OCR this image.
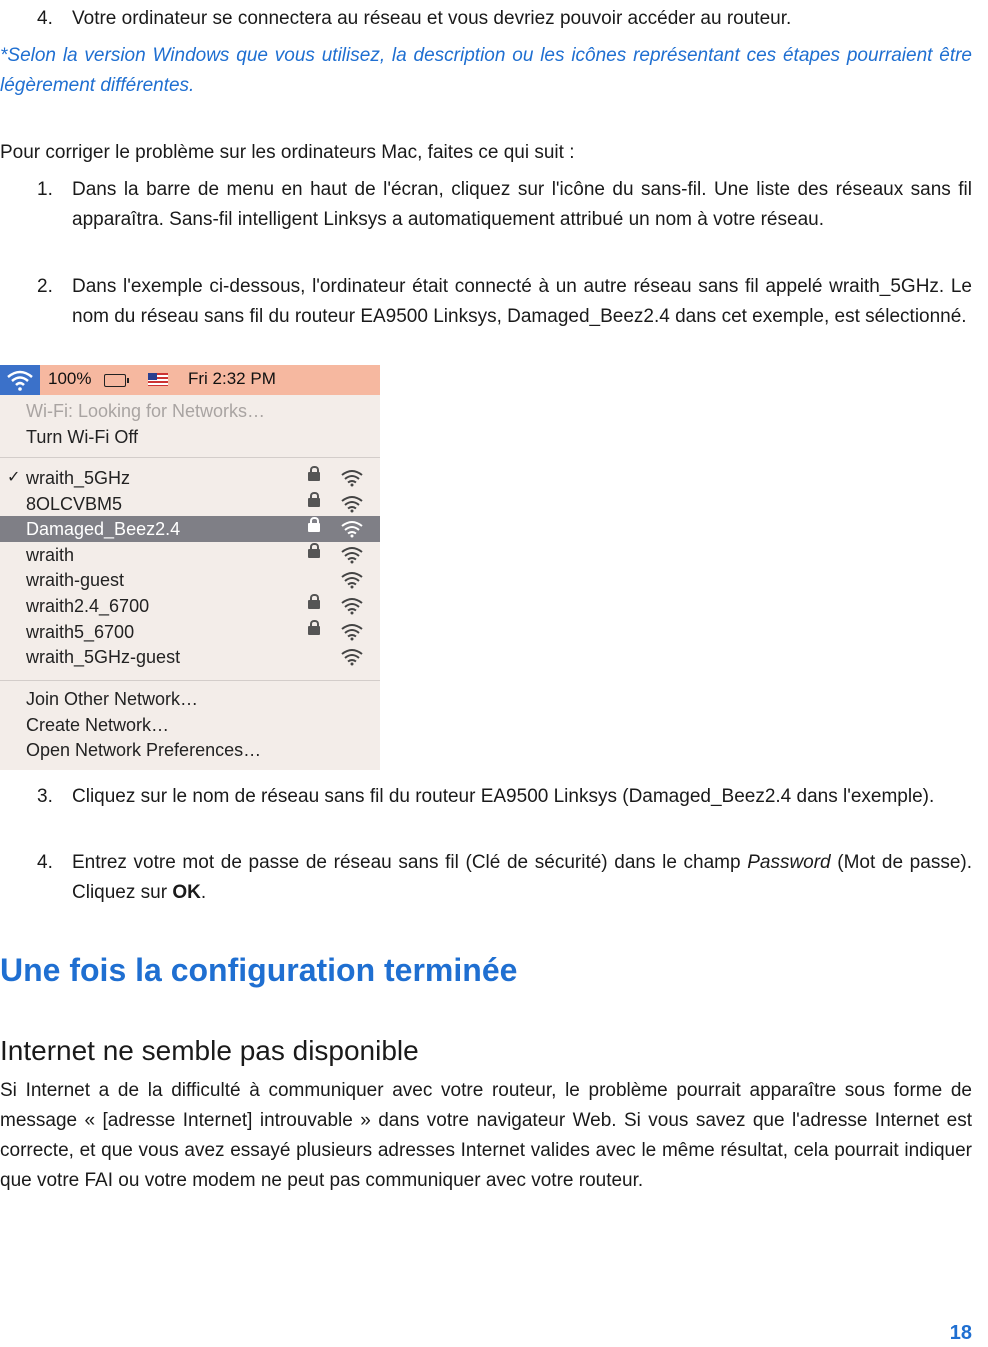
4. Votre ordinateur se connectera au réseau et vous devriez pouvoir accéder au routeur.
*Selon la version Windows que vous utilisez, la description ou les icônes représentant ces étapes pourraient être légèrement différentes.
Pour corriger le problème sur les ordinateurs Mac, faites ce qui suit :
1. Dans la barre de menu en haut de l'écran, cliquez sur l'icône du sans-fil. Une liste des réseaux sans fil apparaîtra. Sans-fil intelligent Linksys a automatiquement attribué un nom à votre réseau.
2. Dans l'exemple ci-dessous, l'ordinateur était connecté à un autre réseau sans fil appelé wraith_5GHz. Le nom du réseau sans fil du routeur EA9500 Linksys, Damaged_Beez2.4 dans cet exemple, est sélectionné.
100%	Fri 2:32 PM
Wi-Fi: Looking for Networks…
Turn Wi-Fi Off
✓ wraith_5GHz
8OLCVBM5
Damaged_Beez2.4
wraith
wraith-guest
wraith2.4_6700
wraith5_6700
wraith_5GHz-guest
Join Other Network…
Create Network…
Open Network Preferences…
3. Cliquez sur le nom de réseau sans fil du routeur EA9500 Linksys (Damaged_Beez2.4 dans l'exemple).
4. Entrez votre mot de passe de réseau sans fil (Clé de sécurité) dans le champ Password (Mot de passe). Cliquez sur OK.
Une fois la configuration terminée
Internet ne semble pas disponible
Si Internet a de la difficulté à communiquer avec votre routeur, le problème pourrait apparaître sous forme de message « [adresse Internet] introuvable » dans votre navigateur Web. Si vous savez que l'adresse Internet est correcte, et que vous avez essayé plusieurs adresses Internet valides avec le même résultat, cela pourrait indiquer que votre FAI ou votre modem ne peut pas communiquer avec votre routeur.
18
